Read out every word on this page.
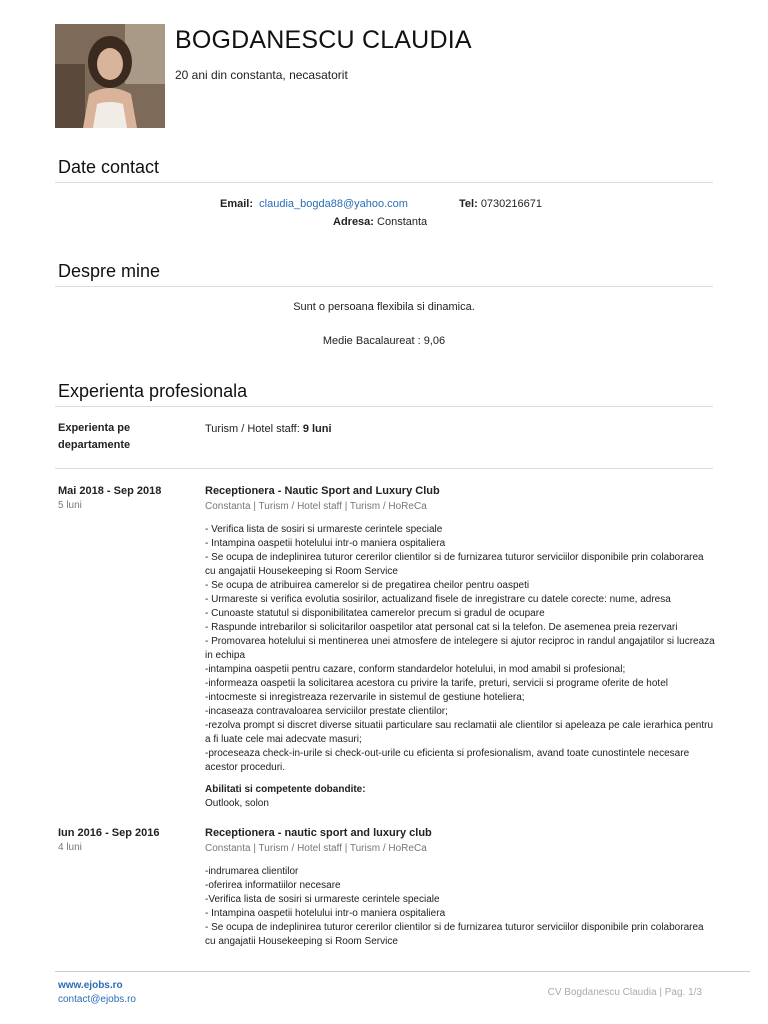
BOGDANESCU CLAUDIA
20 ani din constanta, necasatorit
Date contact
Email: claudia_bogda88@yahoo.com	Tel: 0730216671
Adresa: Constanta
Despre mine
Sunt o persoana flexibila si dinamica.
Medie Bacalaureat : 9,06
Experienta profesionala
Experienta pe departamente
Turism / Hotel staff: 9 luni
Mai 2018 - Sep 2018
5 luni
Receptionera - Nautic Sport and Luxury Club
Constanta | Turism / Hotel staff | Turism / HoReCa
- Verifica lista de sosiri si urmareste cerintele speciale
- Intampina oaspetii hotelului intr-o maniera ospitaliera
- Se ocupa de indeplinirea tuturor cererilor clientilor si de furnizarea tuturor serviciilor disponibile prin colaborarea cu angajatii Housekeeping si Room Service
- Se ocupa de atribuirea camerelor si de pregatirea cheilor pentru oaspeti
- Urmareste si verifica evolutia sosirilor, actualizand fisele de inregistrare cu datele corecte: nume, adresa
- Cunoaste statutul si disponibilitatea camerelor precum si gradul de ocupare
- Raspunde intrebarilor si solicitarilor oaspetilor atat personal cat si la telefon. De asemenea preia rezervari
- Promovarea hotelului si mentinerea unei atmosfere de intelegere si ajutor reciproc in randul angajatilor si lucreaza in echipa
-intampina oaspetii pentru cazare, conform standardelor hotelului, in mod amabil si profesional;
-informeaza oaspetii la solicitarea acestora cu privire la tarife, preturi, servicii si programe oferite de hotel
-intocmeste si inregistreaza rezervarile in sistemul de gestiune hoteliera;
-incaseaza contravaloarea serviciilor prestate clientilor;
-rezolva prompt si discret diverse situatii particulare sau reclamatii ale clientilor si apeleaza pe cale ierarhica pentru a fi luate cele mai adecvate masuri;
-proceseaza check-in-urile si check-out-urile cu eficienta si profesionalism, avand toate cunostintele necesare acestor proceduri.
Abilitati si competente dobandite:
Outlook, solon
Iun 2016 - Sep 2016
4 luni
Receptionera - nautic sport and luxury club
Constanta | Turism / Hotel staff | Turism / HoReCa
-indrumarea clientilor
-oferirea informatiilor necesare
-Verifica lista de sosiri si urmareste cerintele speciale
- Intampina oaspetii hotelului intr-o maniera ospitaliera
- Se ocupa de indeplinirea tuturor cererilor clientilor si de furnizarea tuturor serviciilor disponibile prin colaborarea cu angajatii Housekeeping si Room Service
www.ejobs.ro
contact@ejobs.ro
CV Bogdanescu Claudia | Pag. 1/3
